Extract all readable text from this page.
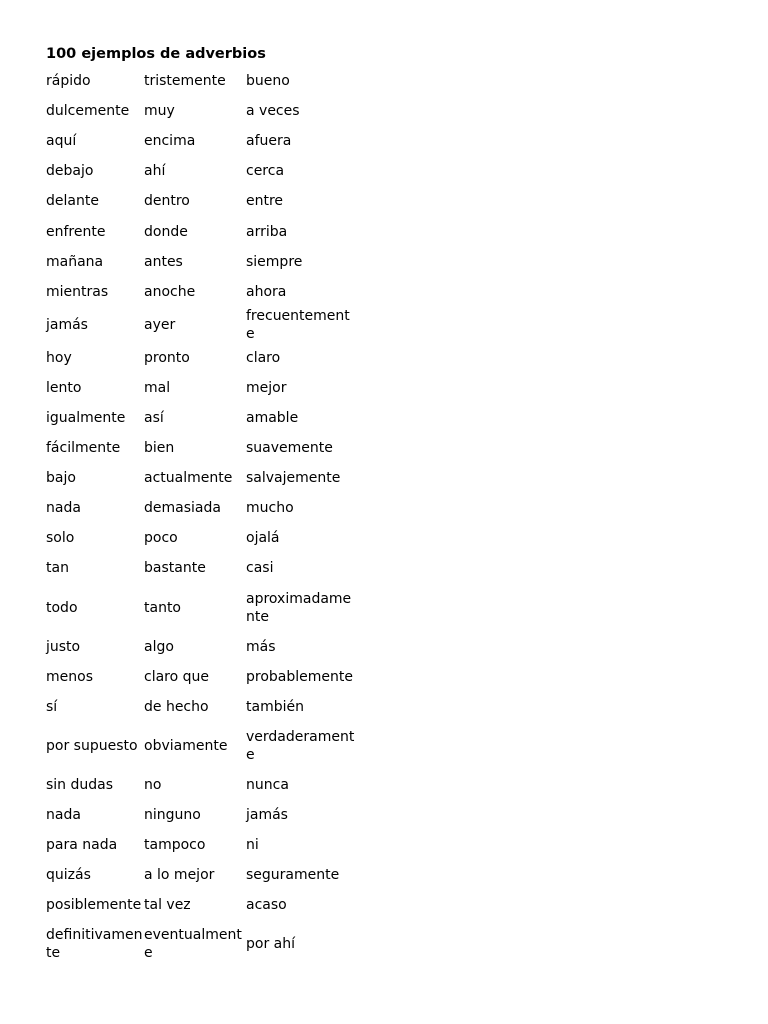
100 ejemplos de adverbios
rápido	tristemente	bueno
dulcemente	muy	a veces
aquí	encima	afuera
debajo	ahí	cerca
delante	dentro	entre
enfrente	donde	arriba
mañana	antes	siempre
mientras	anoche	ahora
jamás	ayer	frecuentemente
hoy	pronto	claro
lento	mal	mejor
igualmente	así	amable
fácilmente	bien	suavemente
bajo	actualmente	salvajemente
nada	demasiada	mucho
solo	poco	ojalá
tan	bastante	casi
todo	tanto	aproximadamente
justo	algo	más
menos	claro que	probablemente
sí	de hecho	también
por supuesto	obviamente	verdaderamente
sin dudas	no	nunca
nada	ninguno	jamás
para nada	tampoco	ni
quizás	a lo mejor	seguramente
posiblemente	tal vez	acaso
definitivamente	eventualmente	por ahí
